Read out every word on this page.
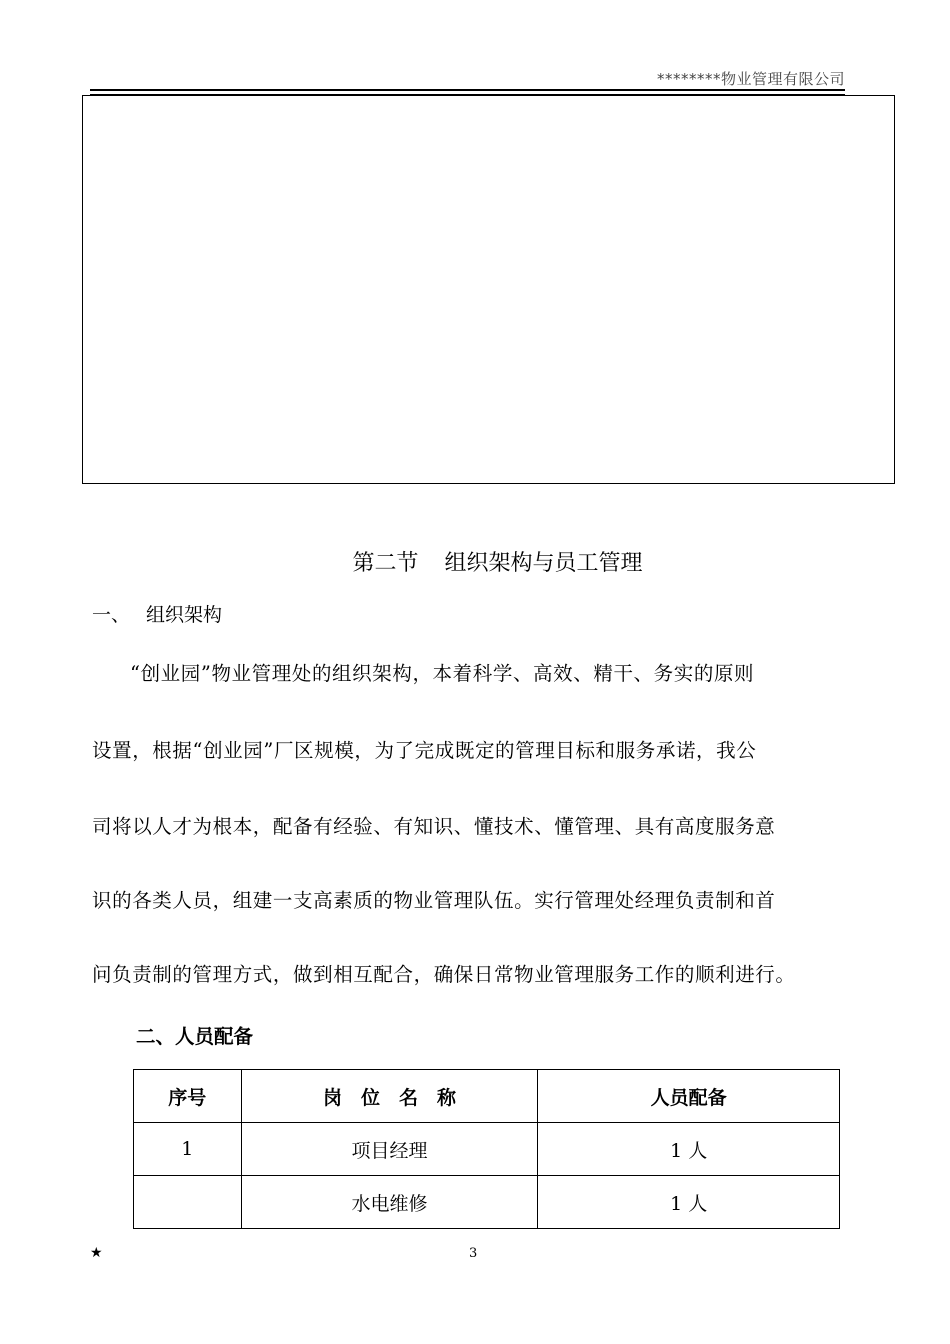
********物业管理有限公司
第二节 组织架构与员工管理
一、 组织架构
“创业园”物业管理处的组织架构，本着科学、高效、精干、务实的原则
设置，根据“创业园”厂区规模，为了完成既定的管理目标和服务承诺，我公
司将以人才为根本，配备有经验、有知识、懂技术、懂管理、具有高度服务意
识的各类人员，组建一支高素质的物业管理队伍。实行管理处经理负责制和首
问负责制的管理方式，做到相互配合，确保日常物业管理服务工作的顺利进行。
二、人员配备
序号	岗　位　名　称	人员配备
1	项目经理	1 人
	水电维修	1 人
★	3
